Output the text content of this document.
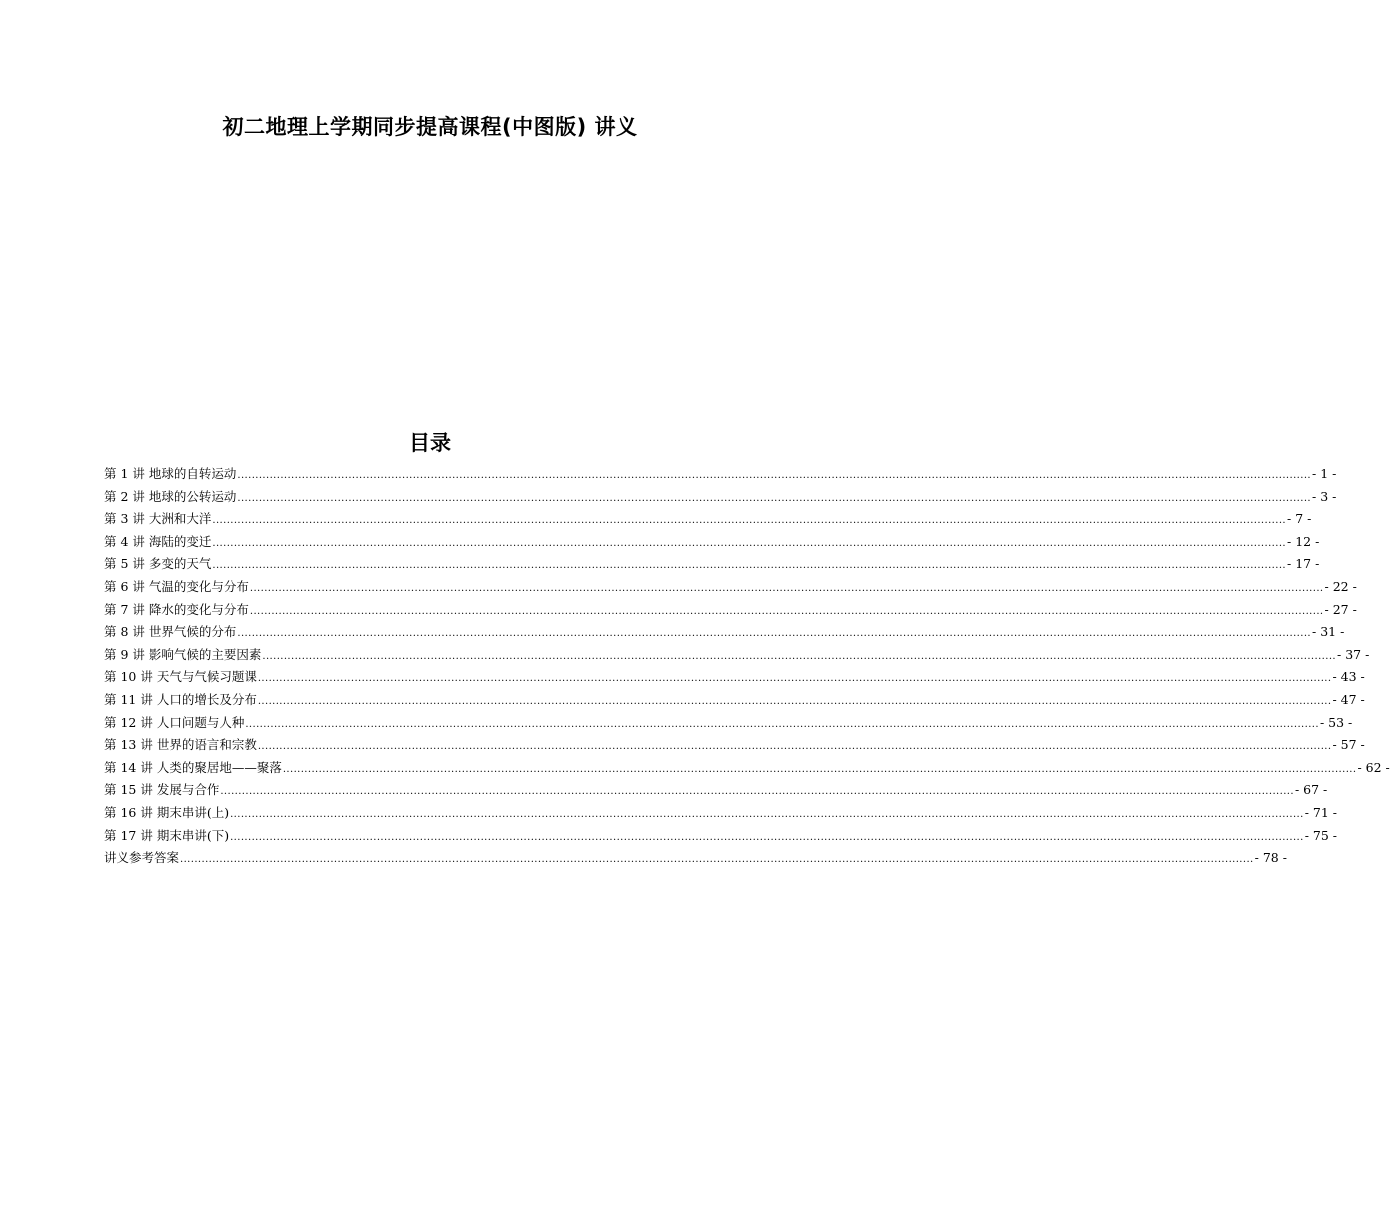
初二地理上学期同步提高课程(中图版) 讲义
目录
第 1 讲 地球的自转运动 ............................................................................................................................................................................................................................................................................................................ - 1 -
第 2 讲 地球的公转运动 ............................................................................................................................................................................................................................................................................................................ - 3 -
第 3 讲 大洲和大洋 ............................................................................................................................................................................................................................................................................................................ - 7 -
第 4 讲 海陆的变迁 ............................................................................................................................................................................................................................................................................................................ - 12 -
第 5 讲 多变的天气 ............................................................................................................................................................................................................................................................................................................ - 17 -
第 6 讲 气温的变化与分布 ............................................................................................................................................................................................................................................................................................................ - 22 -
第 7 讲 降水的变化与分布 ............................................................................................................................................................................................................................................................................................................ - 27 -
第 8 讲 世界气候的分布 ............................................................................................................................................................................................................................................................................................................ - 31 -
第 9 讲 影响气候的主要因素 ............................................................................................................................................................................................................................................................................................................ - 37 -
第 10 讲 天气与气候习题课 ............................................................................................................................................................................................................................................................................................................ - 43 -
第 11 讲 人口的增长及分布 ............................................................................................................................................................................................................................................................................................................ - 47 -
第 12 讲 人口问题与人种 ............................................................................................................................................................................................................................................................................................................ - 53 -
第 13 讲 世界的语言和宗教 ............................................................................................................................................................................................................................................................................................................ - 57 -
第 14 讲 人类的聚居地——聚落 ............................................................................................................................................................................................................................................................................................................ - 62 -
第 15 讲 发展与合作 ............................................................................................................................................................................................................................................................................................................ - 67 -
第 16 讲 期末串讲(上) ............................................................................................................................................................................................................................................................................................................ - 71 -
第 17 讲 期末串讲(下) ............................................................................................................................................................................................................................................................................................................ - 75 -
讲义参考答案 ............................................................................................................................................................................................................................................................................................................ - 78 -
